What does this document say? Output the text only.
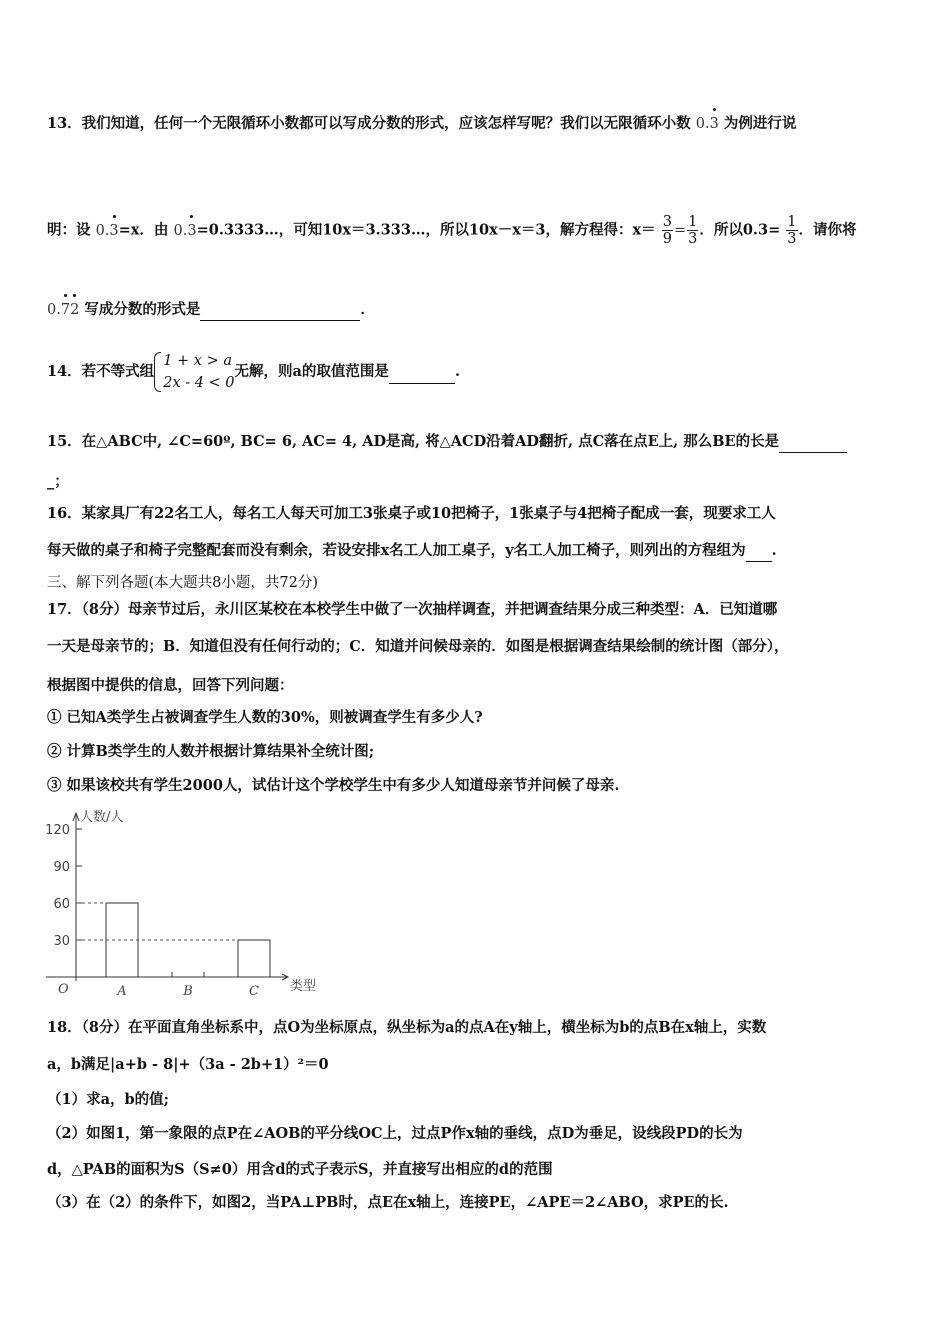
13．我们知道，任何一个无限循环小数都可以写成分数的形式，应该怎样写呢？我们以无限循环小数 0.3 为例进行说
明：设 0.3=x．由 0.3=0.3333…，可知10x＝3.333…，所以10x－x＝3，解方程得：$x= \frac{3}{9} = \frac{1}{3}$ ．所以$0.3= \frac{1}{3}$ ．请你将
0.72 写成分数的形式是	．
14．若不等式组
1 + x > a
2x - 4 < 0
无解，则a的取值范围是	.
15．在△ABC中, ∠C=60º, BC= 6, AC= 4, AD是高, 将△ACD沿着AD翻折, 点C落在点E上, 那么BE的长是
_；
16．某家具厂有22名工人，每名工人每天可加工3张桌子或10把椅子，1张桌子与4把椅子配成一套，现要求工人
每天做的桌子和椅子完整配套而没有剩余，若设安排x名工人加工桌子，y名工人加工椅子，则列出的方程组为 .
三、解下列各题(本大题共8小题，共72分)
17．（8分）母亲节过后，永川区某校在本校学生中做了一次抽样调查，并把调查结果分成三种类型：A．已知道哪
一天是母亲节的；B．知道但没有任何行动的；C．知道并问候母亲的．如图是根据调查结果绘制的统计图（部分），
根据图中提供的信息，回答下列问题：
① 已知A类学生占被调查学生人数的30%，则被调查学生有多少人?
② 计算B类学生的人数并根据计算结果补全统计图;
③ 如果该校共有学生2000人，试估计这个学校学生中有多少人知道母亲节并问候了母亲.
人数/人
类型
O
30
60
90
120
A	B	C
18．（8分）在平面直角坐标系中，点O为坐标原点，纵坐标为a的点A在y轴上，横坐标为b的点B在x轴上，实数
a，b满足|a+b - 8|+（3a - 2b+1）²＝0
（1）求a，b的值;
（2）如图1，第一象限的点P在∠AOB的平分线OC上，过点P作x轴的垂线，点D为垂足，设线段PD的长为
d，△PAB的面积为S（S≠0）用含d的式子表示S，并直接写出相应的d的范围
（3）在（2）的条件下，如图2，当PA⊥PB时，点E在x轴上，连接PE，∠APE＝2∠ABO，求PE的长.
